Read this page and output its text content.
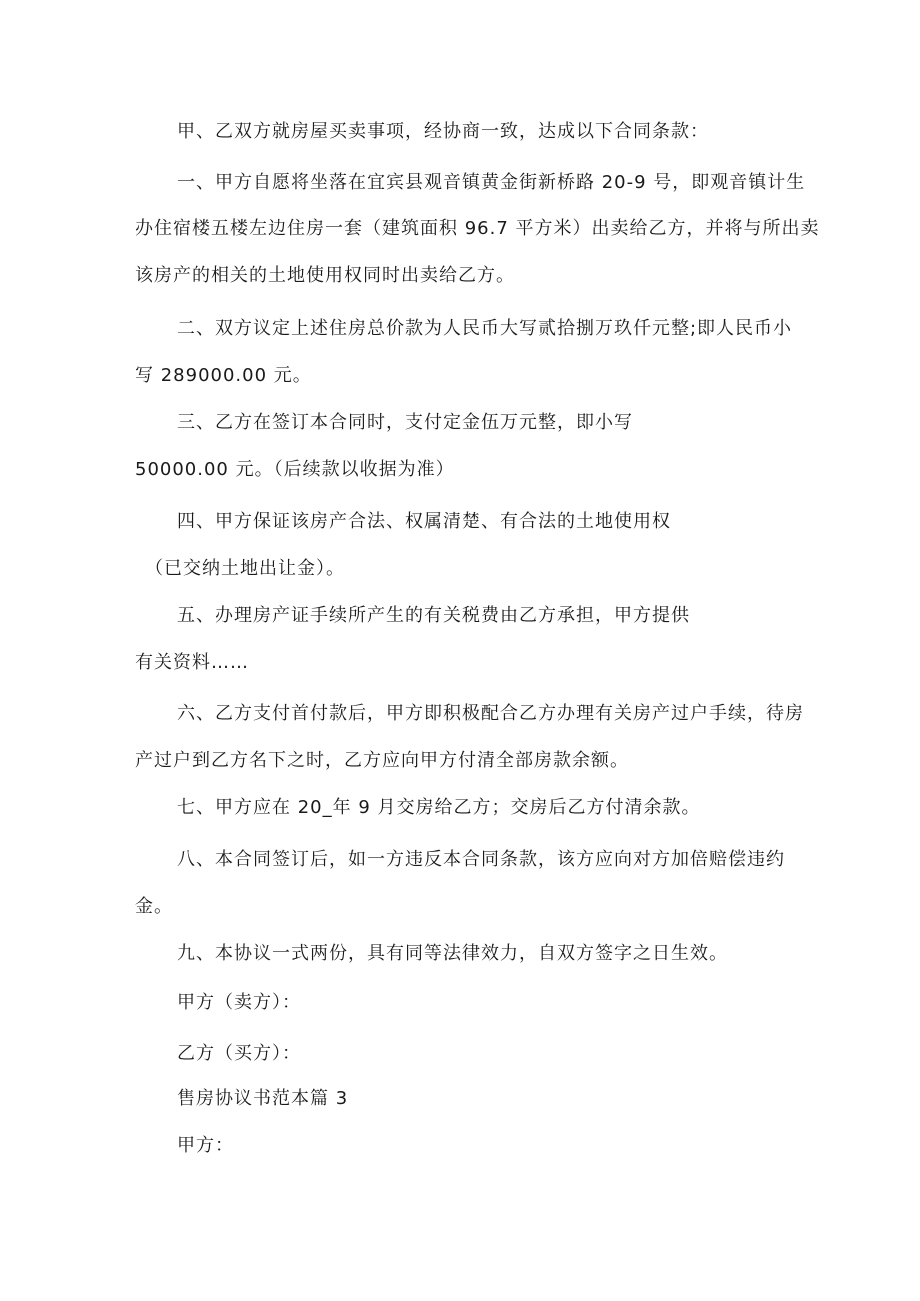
甲、乙双方就房屋买卖事项，经协商一致，达成以下合同条款：
一、甲方自愿将坐落在宜宾县观音镇黄金街新桥路 20-9 号，即观音镇计生
办住宿楼五楼左边住房一套（建筑面积 96.7 平方米）出卖给乙方，并将与所出卖
该房产的相关的土地使用权同时出卖给乙方。
二、双方议定上述住房总价款为人民币大写贰拾捌万玖仟元整;即人民币小
写 289000.00 元。
三、乙方在签订本合同时，支付定金伍万元整，即小写
50000.00 元。（后续款以收据为准）
四、甲方保证该房产合法、权属清楚、有合法的土地使用权
（已交纳土地出让金）。
五、办理房产证手续所产生的有关税费由乙方承担，甲方提供
有关资料……
六、乙方支付首付款后，甲方即积极配合乙方办理有关房产过户手续，待房
产过户到乙方名下之时，乙方应向甲方付清全部房款余额。
七、甲方应在 20_年 9 月交房给乙方；交房后乙方付清余款。
八、本合同签订后，如一方违反本合同条款，该方应向对方加倍赔偿违约
金。
九、本协议一式两份，具有同等法律效力，自双方签字之日生效。
甲方（卖方）：
乙方（买方）：
售房协议书范本篇 3
甲方：
